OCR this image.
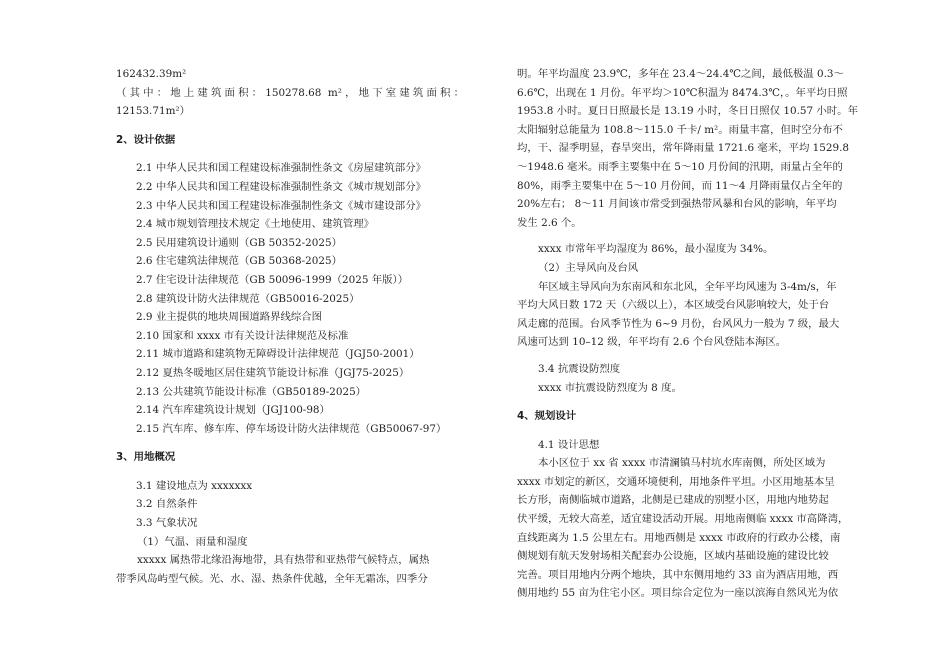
162432.39m²

（其中：地上建筑面积：150278.68 m²，地下室建筑面积：

12153.71m²）

2、设计依据

2.1 中华人民共和国工程建设标准强制性条文《房屋建筑部分》

2.2 中华人民共和国工程建设标准强制性条文《城市规划部分》

2.3 中华人民共和国工程建设标准强制性条文《城市建设部分》

2.4 城市规划管理技术规定《土地使用、建筑管理》

2.5 民用建筑设计通则（GB 50352-2025）

2.6 住宅建筑法律规范（GB 50368-2025）

2.7 住宅设计法律规范（GB 50096-1999（2025 年版））

2.8 建筑设计防火法律规范（GB50016-2025）

2.9 业主提供的地块周围道路界线综合图

2.10 国家和 xxxx 市有关设计法律规范及标准

2.11 城市道路和建筑物无障碍设计法律规范（JGJ50-2001）

2.12 夏热冬暖地区居住建筑节能设计标准（JGJ75-2025）

2.13 公共建筑节能设计标准（GB50189-2025）

2.14 汽车库建筑设计规划（JGJ100-98）

2.15 汽车库、修车库、停车场设计防火法律规范（GB50067-97）

3、用地概况

3.1 建设地点为 xxxxxxx

3.2 自然条件

3.3 气象状况

（1）气温、雨量和湿度

xxxxx 属热带北缘沿海地带，具有热带和亚热带气候特点，属热

带季风岛屿型气候。光、水、湿、热条件优越，全年无霜冻，四季分

明。年平均温度 23.9℃，多年在 23.4～24.4℃之间，最低极温 0.3～

6.6℃，出现在 1 月份。年平均＞10℃积温为 8474.3℃，。年平均日照

1953.8 小时。夏日日照最长是 13.19 小时，冬日日照仅 10.57 小时。年

太阳辐射总能量为 108.8～115.0 千卡/ m²。雨量丰富，但时空分布不

均，干、湿季明显，春旱突出，常年降雨量 1721.6 毫米，平均 1529.8

～1948.6 毫米。雨季主要集中在 5～10 月份间的汛期，雨量占全年的

80%，雨季主要集中在 5～10 月份间，而 11～4 月降雨量仅占全年的

20%左右； 8～11 月间该市常受到强热带风暴和台风的影响，年平均

发生 2.6 个。

xxxx 市常年平均湿度为 86%，最小湿度为 34%。

（2）主导风向及台风

年区域主导风向为东南风和东北风，全年平均风速为 3-4m/s，年

平均大风日数 172 天（六级以上），本区域受台风影响较大，处于台

风走廊的范围。台风季节性为 6~9 月份，台风风力一般为 7 级，最大

风速可达到 10–12 级，年平均有 2.6 个台风登陆本海区。

3.4 抗震设防烈度

xxxx 市抗震设防烈度为 8 度。

4、规划设计

4.1 设计思想

本小区位于 xx 省 xxxx 市清澜镇马村坑水库南侧，所处区域为

xxxx 市划定的新区，交通环境便利，用地条件平坦。小区用地基本呈

长方形，南侧临城市道路，北侧是已建成的别墅小区，用地内地势起

伏平缓，无较大高差，适宜建设活动开展。用地南侧临 xxxx 市高降湾，

直线距离为 1.5 公里左右。用地西侧是 xxxx 市政府的行政办公楼，南

侧规划有航天发射场相关配套办公设施，区域内基础设施的建设比较

完善。项目用地内分两个地块，其中东侧用地约 33 亩为酒店用地，西

侧用地约 55 亩为住宅小区。项目综合定位为一座以滨海自然风光为依
